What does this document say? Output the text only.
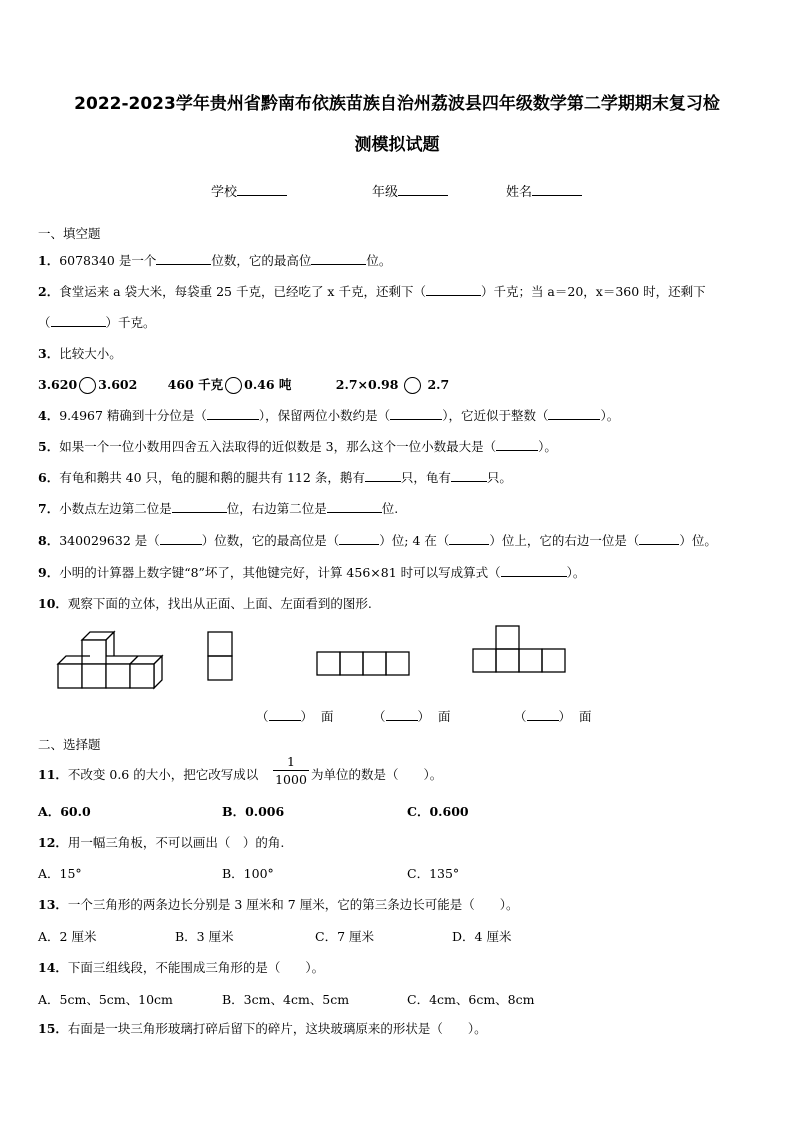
2022-2023学年贵州省黔南布依族苗族自治州荔波县四年级数学第二学期期末复习检
测模拟试题
学校	年级	姓名
一、填空题
1．6078340 是一个	位数，它的最高位	位。
2．食堂运来 a 袋大米，每袋重 25 千克，已经吃了 x 千克，还剩下（	）千克；当 a＝20，x＝360 时，还剩下
（	）千克。
3．比较大小。
3.620 3.602 460 千克 0.46 吨	2.7×0.98 2.7
4．9.4967 精确到十分位是（	），保留两位小数约是（	），它近似于整数（	）。
5．如果一个一位小数用四舍五入法取得的近似数是 3，那么这个一位小数最大是（	）。
6．有龟和鹅共 40 只，龟的腿和鹅的腿共有 112 条，鹅有	只，龟有	只。
7．小数点左边第二位是	位，右边第二位是	位.
8．340029632 是（	）位数，它的最高位是（	）位; 4 在（	）位上，它的右边一位是（	）位。
9．小明的计算器上数字键“8”坏了，其他键完好，计算 456×81 时可以写成算式（	）。
10．观察下面的立体，找出从正面、上面、左面看到的图形.
（	） 面	（	） 面	（	） 面
二、选择题
11．不改变 0.6 的大小，把它改写成以 $\frac{1}{1000}$ 为单位的数是（　　）。
A．60.0	B．0.006	C．0.600
12．用一幅三角板，不可以画出（　）的角.
A．15°	B．100°	C．135°
13．一个三角形的两条边长分别是 3 厘米和 7 厘米，它的第三条边长可能是（　　）。
A．2 厘米	B．3 厘米	C．7 厘米	D．4 厘米
14．下面三组线段，不能围成三角形的是（　　）。
A．5cm、5cm、10cm	B．3cm、4cm、5cm	C．4cm、6cm、8cm
15．右面是一块三角形玻璃打碎后留下的碎片，这块玻璃原来的形状是（　　）。
